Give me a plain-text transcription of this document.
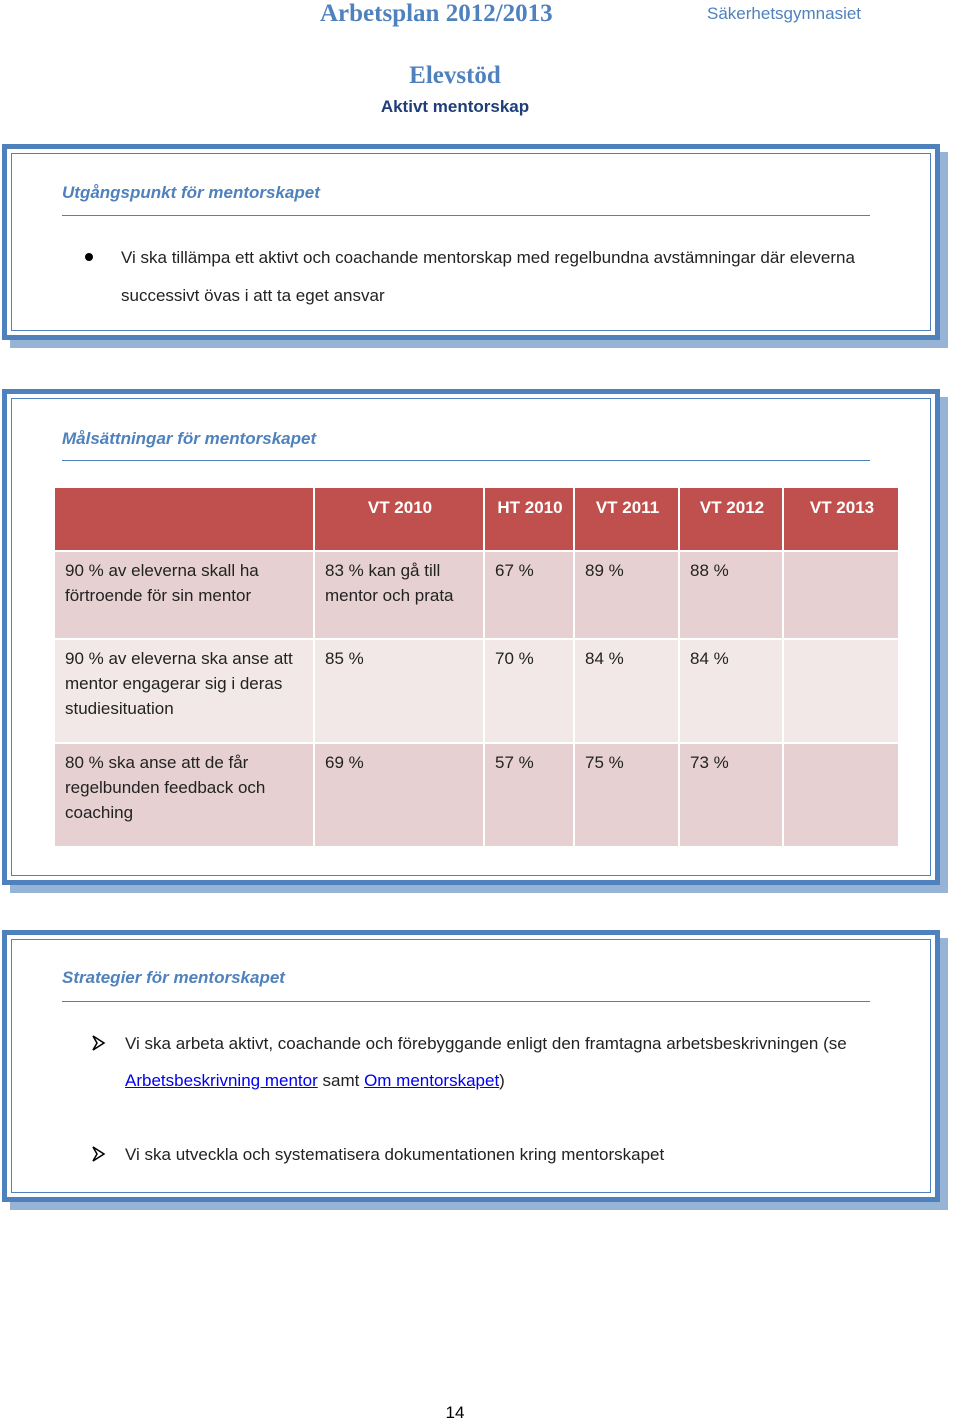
Arbetsplan 2012/2013	Säkerhetsgymnasiet
Elevstöd
Aktivt mentorskap
Utgångspunkt för mentorskapet
Vi ska tillämpa ett aktivt och coachande mentorskap med regelbundna avstämningar där eleverna successivt övas i att ta eget ansvar
Målsättningar för mentorskapet
	VT 2010	HT 2010	VT 2011	VT 2012	VT 2013
90 % av eleverna skall ha förtroende för sin mentor	83 % kan gå till mentor och prata	67 %	89 %	88 %	
90 % av eleverna ska anse att mentor engagerar sig i deras studiesituation	85 %	70 %	84 %	84 %	
80 % ska anse att de får regelbunden feedback och coaching	69 %	57 %	75 %	73 %	
Strategier för mentorskapet
Vi ska arbeta aktivt, coachande och förebyggande enligt den framtagna arbetsbeskrivningen (se
Arbetsbeskrivning mentor samt Om mentorskapet)
Vi ska utveckla och systematisera dokumentationen kring mentorskapet
14
